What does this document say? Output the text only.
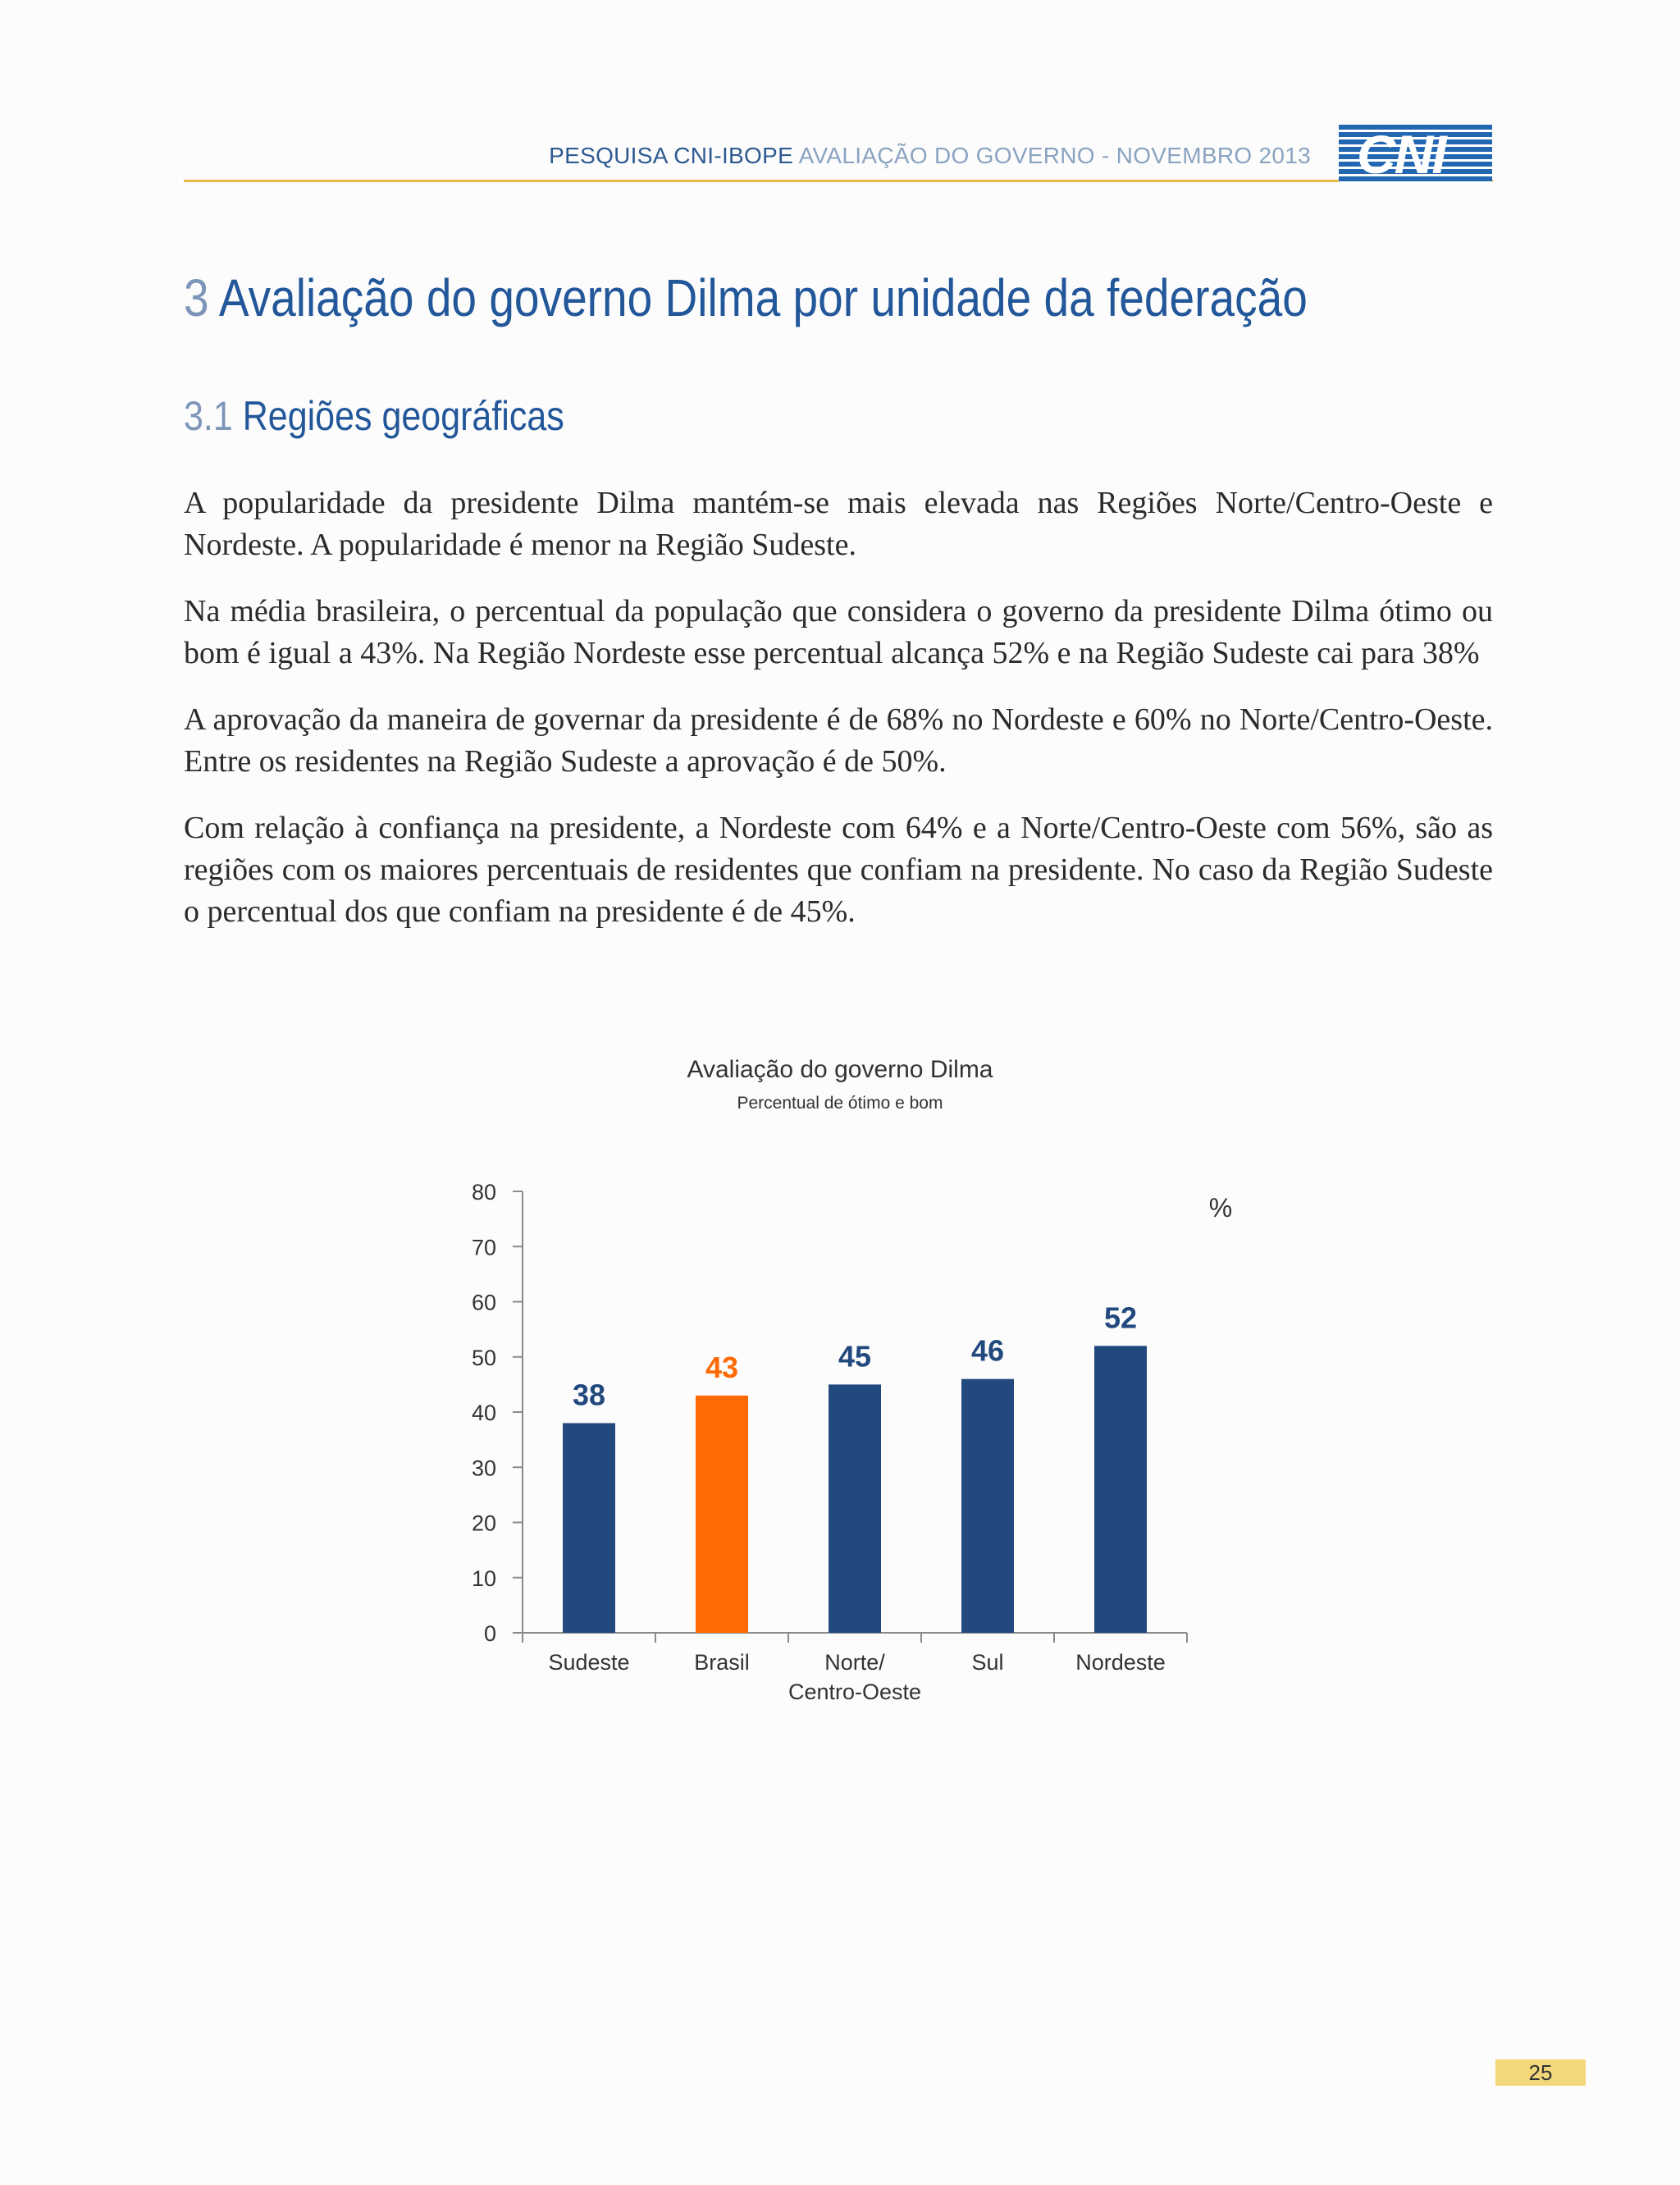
PESQUISA CNI-IBOPE AVALIAÇÃO DO GOVERNO - NOVEMBRO 2013 CNI
3 Avaliação do governo Dilma por unidade da federação
3.1 Regiões geográficas

A popularidade da presidente Dilma mantém-se mais elevada nas Regiões Norte/Centro-Oeste e Nordeste. A popularidade é menor na Região Sudeste.

Na média brasileira, o percentual da população que considera o governo da presidente Dilma ótimo ou bom é igual a 43%. Na Região Nordeste esse percentual alcança 52% e na Região Sudeste cai para 38%

A aprovação da maneira de governar da presidente é de 68% no Nordeste e 60% no Norte/Centro-Oeste. Entre os residentes na Região Sudeste a aprovação é de 50%.

Com relação à confiança na presidente, a Nordeste com 64% e a Norte/Centro-Oeste com 56%, são as regiões com os maiores percentuais de residentes que confiam na presidente. No caso da Região Sudeste o percentual dos que confiam na presidente é de 45%.

Avaliação do governo Dilma
Percentual de ótimo e bom
0
10
20
30
40
50
60
70
80
38
Sudeste
43
Brasil
45
Norte/
Centro-Oeste
46
Sul
52
Nordeste
%
25
